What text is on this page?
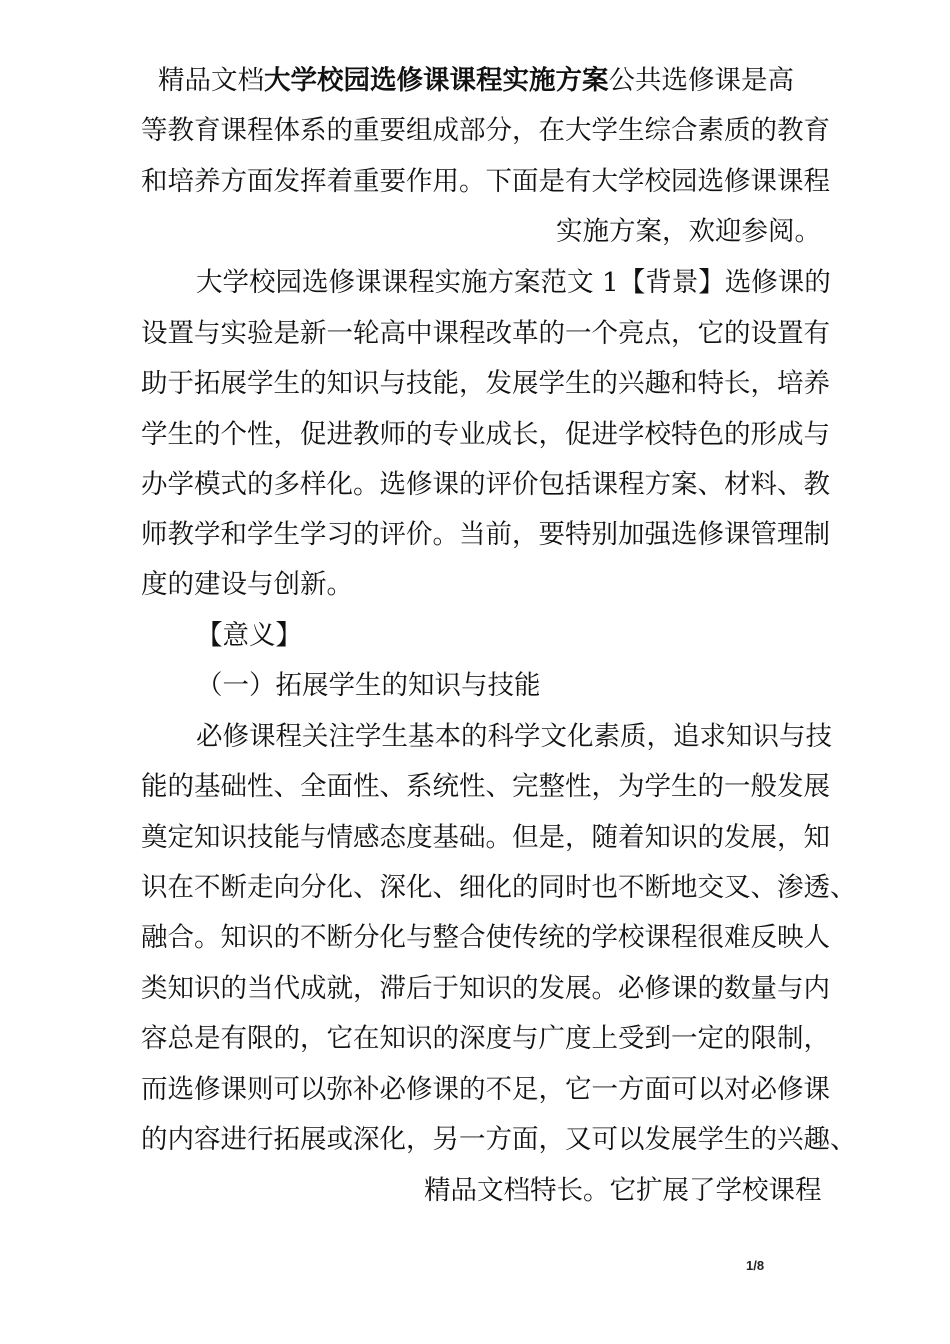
精品文档大学校园选修课课程实施方案公共选修课是高
等教育课程体系的重要组成部分，在大学生综合素质的教育
和培养方面发挥着重要作用。下面是有大学校园选修课课程
实施方案，欢迎参阅。
大学校园选修课课程实施方案范文 1【背景】选修课的
设置与实验是新一轮高中课程改革的一个亮点，它的设置有
助于拓展学生的知识与技能，发展学生的兴趣和特长，培养
学生的个性，促进教师的专业成长，促进学校特色的形成与
办学模式的多样化。选修课的评价包括课程方案、材料、教
师教学和学生学习的评价。当前，要特别加强选修课管理制
度的建设与创新。
【意义】
（一）拓展学生的知识与技能
必修课程关注学生基本的科学文化素质，追求知识与技
能的基础性、全面性、系统性、完整性，为学生的一般发展
奠定知识技能与情感态度基础。但是，随着知识的发展，知
识在不断走向分化、深化、细化的同时也不断地交叉、渗透、
融合。知识的不断分化与整合使传统的学校课程很难反映人
类知识的当代成就，滞后于知识的发展。必修课的数量与内
容总是有限的，它在知识的深度与广度上受到一定的限制，
而选修课则可以弥补必修课的不足，它一方面可以对必修课
的内容进行拓展或深化，另一方面，又可以发展学生的兴趣、
精品文档特长。它扩展了学校课程
1/8
